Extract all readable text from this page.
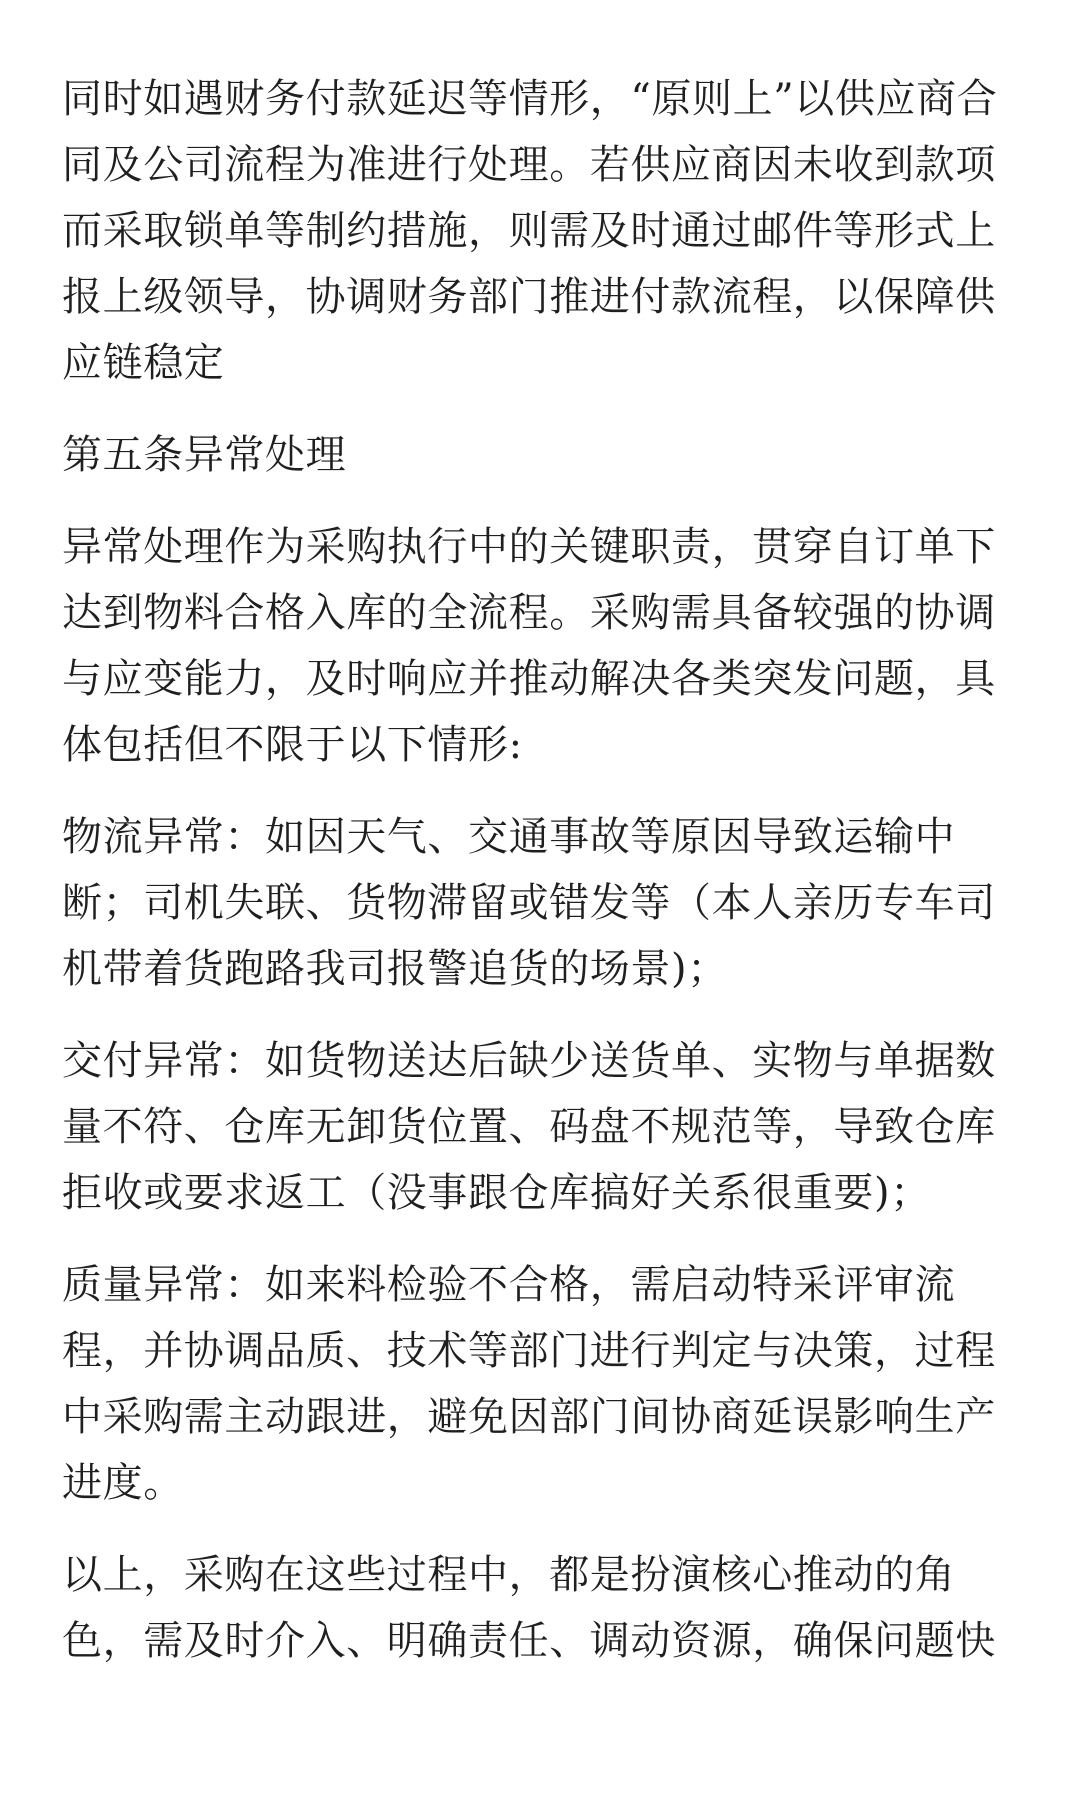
同时如遇财务付款延迟等情形，“原则上”以供应商合同及公司流程为准进行处理。若供应商因未收到款项而采取锁单等制约措施，则需及时通过邮件等形式上报上级领导，协调财务部门推进付款流程，以保障供应链稳定

第五条异常处理

异常处理作为采购执行中的关键职责，贯穿自订单下达到物料合格入库的全流程。采购需具备较强的协调与应变能力，及时响应并推动解决各类突发问题，具体包括但不限于以下情形:

物流异常：如因天气、交通事故等原因导致运输中断；司机失联、货物滞留或错发等（本人亲历专车司机带着货跑路我司报警追货的场景)；

交付异常：如货物送达后缺少送货单、实物与单据数量不符、仓库无卸货位置、码盘不规范等，导致仓库拒收或要求返工（没事跟仓库搞好关系很重要)；

质量异常：如来料检验不合格，需启动特采评审流程，并协调品质、技术等部门进行判定与决策，过程中采购需主动跟进，避免因部门间协商延误影响生产进度。

以上，采购在这些过程中，都是扮演核心推动的角色，需及时介入、明确责任、调动资源，确保问题快
